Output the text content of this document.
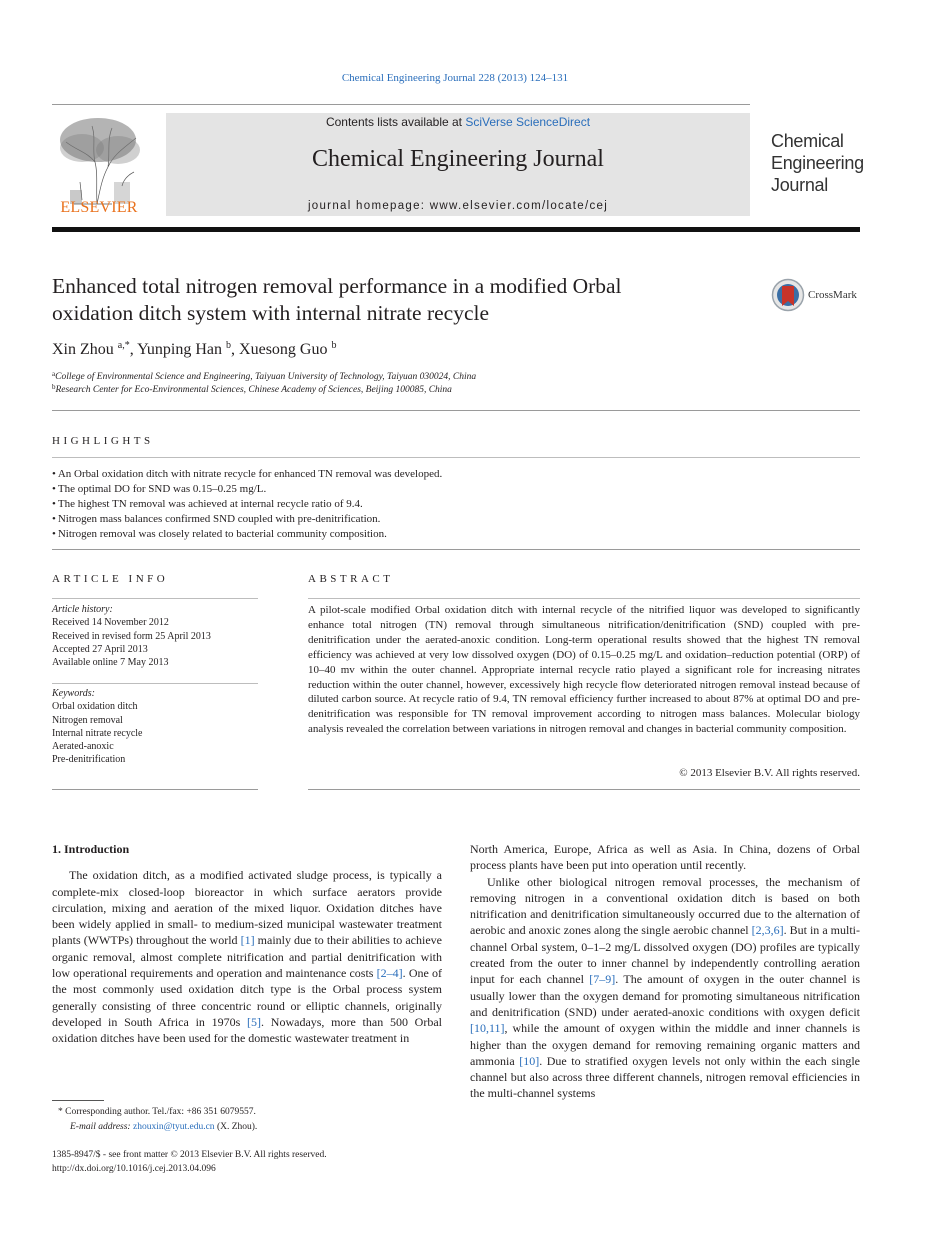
Chemical Engineering Journal 228 (2013) 124–131
ELSEVIER
Contents lists available at SciVerse ScienceDirect
Chemical Engineering Journal
journal homepage: www.elsevier.com/locate/cej
Chemical
Engineering
Journal
Enhanced total nitrogen removal performance in a modified Orbal
oxidation ditch system with internal nitrate recycle
CrossMark
Xin Zhou $^{a,*}$, Yunping Han $^b$, Xuesong Guo $^b$
$^a$College of Environmental Science and Engineering, Taiyuan University of Technology, Taiyuan 030024, China
$^b$Research Center for Eco-Environmental Sciences, Chinese Academy of Sciences, Beijing 100085, China
HIGHLIGHTS
• An Orbal oxidation ditch with nitrate recycle for enhanced TN removal was developed.
• The optimal DO for SND was 0.15–0.25 mg/L.
• The highest TN removal was achieved at internal recycle ratio of 9.4.
• Nitrogen mass balances confirmed SND coupled with pre-denitrification.
• Nitrogen removal was closely related to bacterial community composition.
ARTICLE INFO
Article history:
Received 14 November 2012
Received in revised form 25 April 2013
Accepted 27 April 2013
Available online 7 May 2013
Keywords:
Orbal oxidation ditch
Nitrogen removal
Internal nitrate recycle
Aerated-anoxic
Pre-denitrification
ABSTRACT
A pilot-scale modified Orbal oxidation ditch with internal recycle of the nitrified liquor was developed to significantly enhance total nitrogen (TN) removal through simultaneous nitrification/denitrification (SND) coupled with pre-denitrification under the aerated-anoxic condition. Long-term operational results showed that the highest TN removal efficiency was achieved at very low dissolved oxygen (DO) of 0.15–0.25 mg/L and oxidation–reduction potential (ORP) of 10–40 mv within the outer channel. Appropriate internal recycle ratio played a significant role for increasing nitrates reduction within the outer channel, however, excessively high recycle flow deteriorated nitrogen removal instead because of diluted carbon source. At recycle ratio of 9.4, TN removal efficiency further increased to about 87% at optimal DO and pre-denitrification was responsible for TN removal improvement according to nitrogen mass balances. Molecular biology analysis revealed the correlation between variations in nitrogen removal and changes in bacterial community composition.
© 2013 Elsevier B.V. All rights reserved.
1. Introduction

The oxidation ditch, as a modified activated sludge process, is typically a complete-mix closed-loop bioreactor in which surface aerators provide circulation, mixing and aeration of the mixed liquor. Oxidation ditches have been widely applied in small- to medium-sized municipal wastewater treatment plants (WWTPs) throughout the world [1] mainly due to their abilities to achieve organic removal, almost complete nitrification and partial denitrification with low operational requirements and operation and maintenance costs [2–4]. One of the most commonly used oxidation ditch type is the Orbal process system generally consisting of three concentric round or elliptic channels, originally developed in South Africa in 1970s [5]. Nowadays, more than 500 Orbal oxidation ditches have been used for the domestic wastewater treatment in

North America, Europe, Africa as well as Asia. In China, dozens of Orbal process plants have been put into operation until recently.

Unlike other biological nitrogen removal processes, the mechanism of removing nitrogen in a conventional oxidation ditch is based on both nitrification and denitrification simultaneously occurred due to the alternation of aerobic and anoxic zones along the single aerobic channel [2,3,6]. But in a multi-channel Orbal system, 0–1–2 mg/L dissolved oxygen (DO) profiles are typically created from the outer to inner channel by independently controlling aeration input for each channel [7–9]. The amount of oxygen in the outer channel is usually lower than the oxygen demand for promoting simultaneous nitrification and denitrification (SND) under aerated-anoxic conditions with oxygen deficit [10,11], while the amount of oxygen within the middle and inner channels is higher than the oxygen demand for removing remaining organic matters and ammonia [10]. Due to stratified oxygen levels not only within the each single channel but also across three different channels, nitrogen removal efficiencies in the multi-channel systems

* Corresponding author. Tel./fax: +86 351 6079557.
E-mail address: zhouxin@tyut.edu.cn (X. Zhou).
1385-8947/$ - see front matter © 2013 Elsevier B.V. All rights reserved.
http://dx.doi.org/10.1016/j.cej.2013.04.096
